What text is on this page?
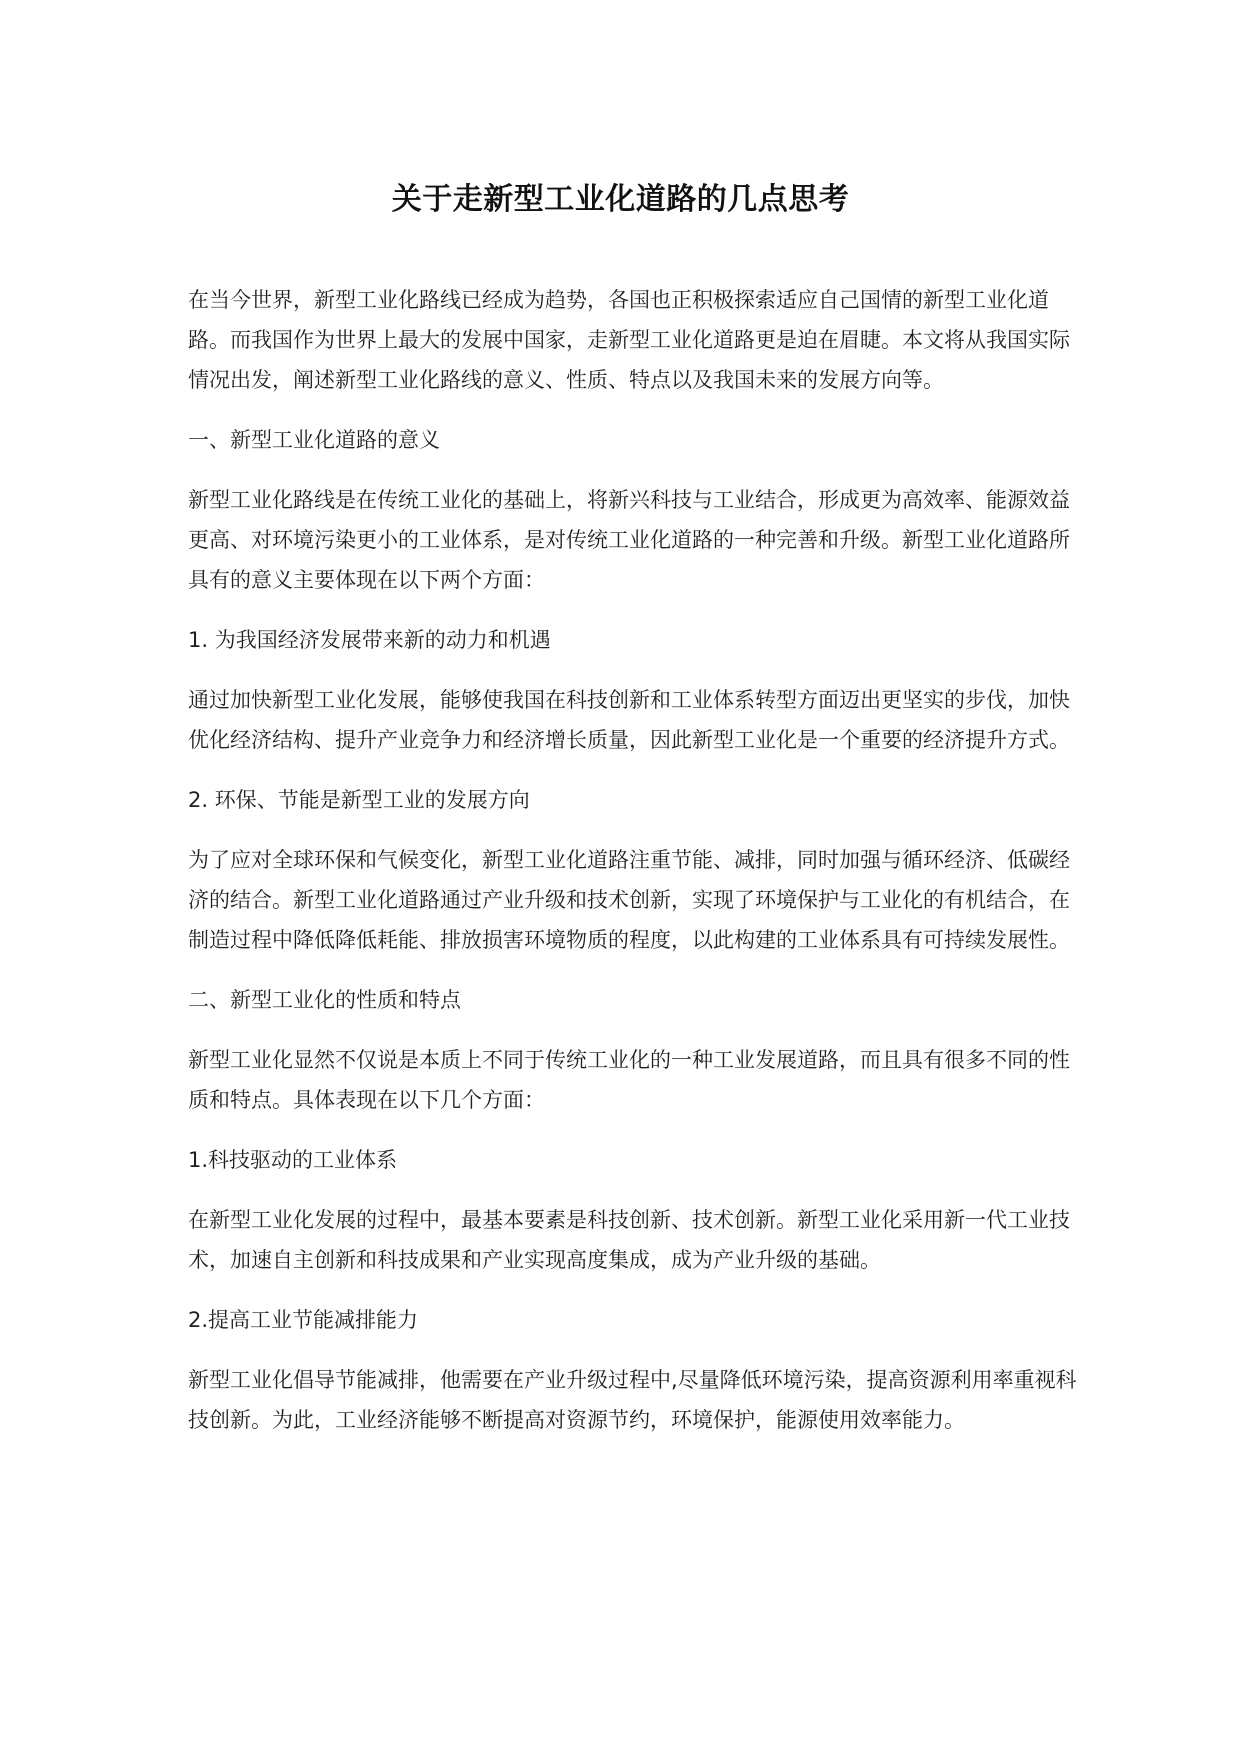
关于走新型工业化道路的几点思考

在当今世界，新型工业化路线已经成为趋势，各国也正积极探索适应自己国情的新型工业化道路。而我国作为世界上最大的发展中国家，走新型工业化道路更是迫在眉睫。本文将从我国实际情况出发，阐述新型工业化路线的意义、性质、特点以及我国未来的发展方向等。

一、新型工业化道路的意义

新型工业化路线是在传统工业化的基础上，将新兴科技与工业结合，形成更为高效率、能源效益更高、对环境污染更小的工业体系，是对传统工业化道路的一种完善和升级。新型工业化道路所具有的意义主要体现在以下两个方面：

1. 为我国经济发展带来新的动力和机遇

通过加快新型工业化发展，能够使我国在科技创新和工业体系转型方面迈出更坚实的步伐，加快优化经济结构、提升产业竞争力和经济增长质量，因此新型工业化是一个重要的经济提升方式。

2. 环保、节能是新型工业的发展方向

为了应对全球环保和气候变化，新型工业化道路注重节能、减排，同时加强与循环经济、低碳经济的结合。新型工业化道路通过产业升级和技术创新，实现了环境保护与工业化的有机结合，在制造过程中降低降低耗能、排放损害环境物质的程度，以此构建的工业体系具有可持续发展性。

二、新型工业化的性质和特点

新型工业化显然不仅说是本质上不同于传统工业化的一种工业发展道路，而且具有很多不同的性质和特点。具体表现在以下几个方面：

1.科技驱动的工业体系

在新型工业化发展的过程中，最基本要素是科技创新、技术创新。新型工业化采用新一代工业技术，加速自主创新和科技成果和产业实现高度集成，成为产业升级的基础。

2.提高工业节能减排能力

新型工业化倡导节能减排，他需要在产业升级过程中,尽量降低环境污染，提高资源利用率重视科技创新。为此，工业经济能够不断提高对资源节约，环境保护，能源使用效率能力。
